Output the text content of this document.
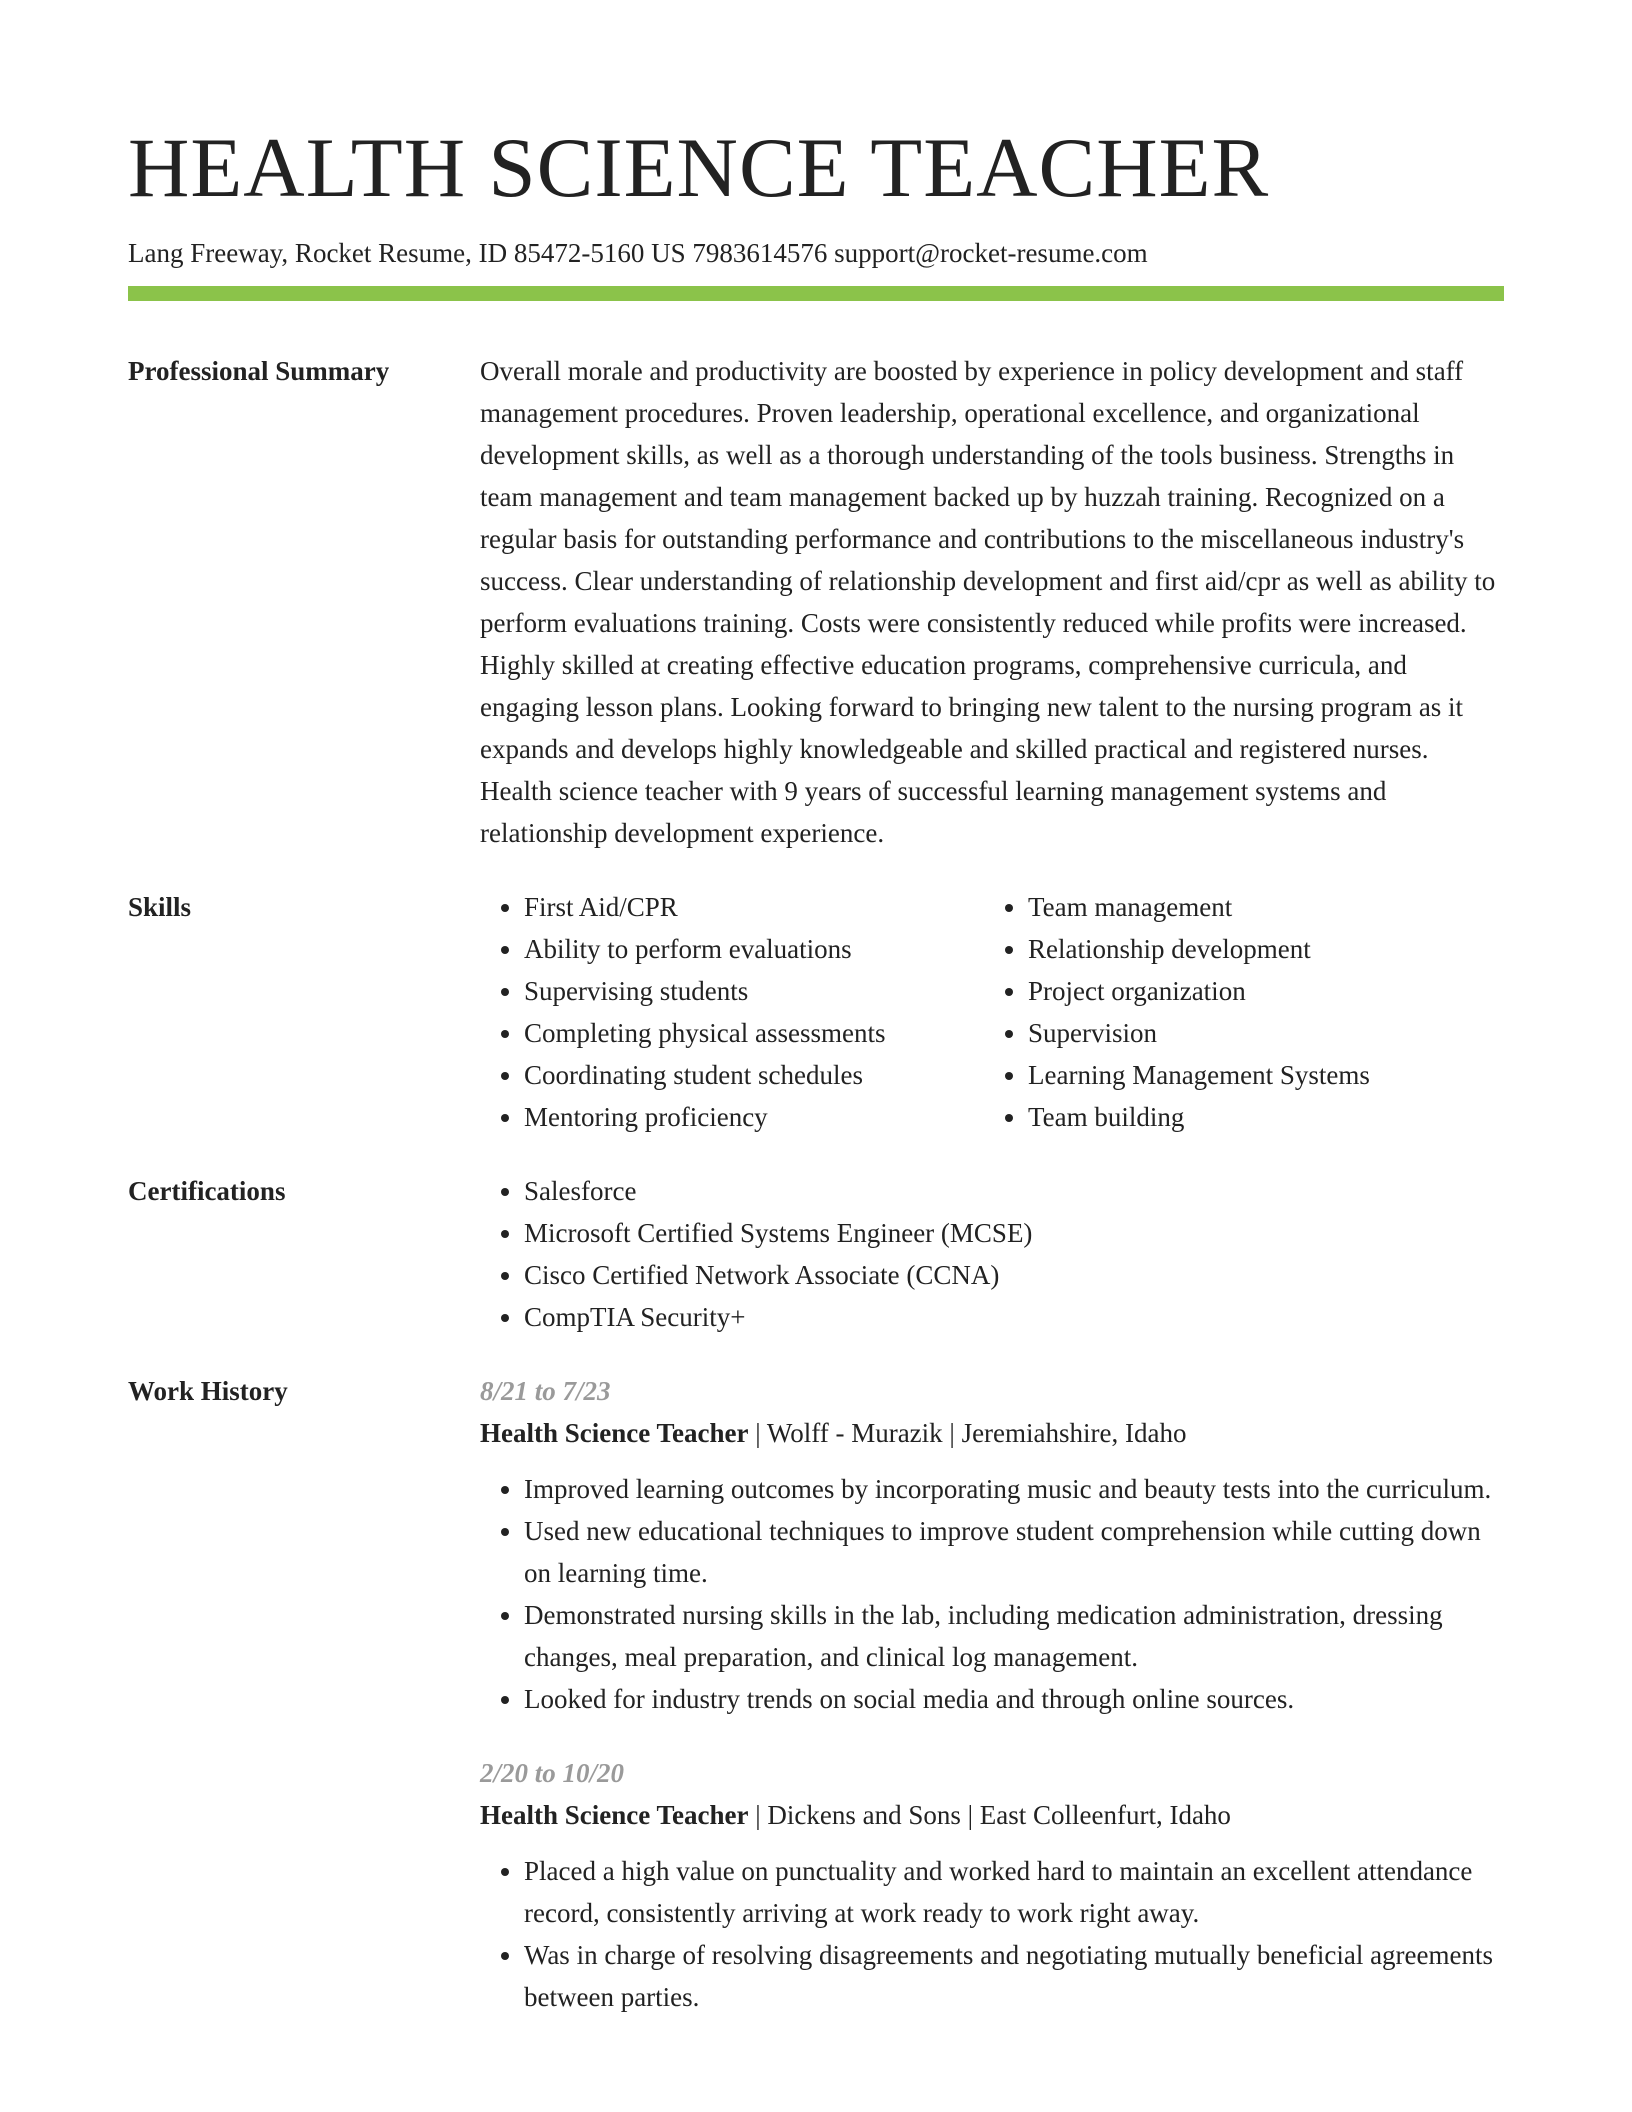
HEALTH SCIENCE TEACHER
Lang Freeway, Rocket Resume, ID 85472-5160 US 7983614576 support@rocket-resume.com
Professional Summary	Overall morale and productivity are boosted by experience in policy development and staff management procedures. Proven leadership, operational excellence, and organizational development skills, as well as a thorough understanding of the tools business. Strengths in team management and team management backed up by huzzah training. Recognized on a regular basis for outstanding performance and contributions to the miscellaneous industry's success. Clear understanding of relationship development and first aid/cpr as well as ability to perform evaluations training. Costs were consistently reduced while profits were increased. Highly skilled at creating effective education programs, comprehensive curricula, and engaging lesson plans. Looking forward to bringing new talent to the nursing program as it expands and develops highly knowledgeable and skilled practical and registered nurses. Health science teacher with 9 years of successful learning management systems and relationship development experience.

Skills	• First Aid/CPR
• Ability to perform evaluations
• Supervising students
• Completing physical assessments
• Coordinating student schedules
• Mentoring proficiency
• Team management
• Relationship development
• Project organization
• Supervision
• Learning Management Systems
• Team building
Certifications	• Salesforce
• Microsoft Certified Systems Engineer (MCSE)
• Cisco Certified Network Associate (CCNA)
• CompTIA Security+
Work History	8/21 to 7/23
Health Science Teacher | Wolff - Murazik | Jeremiahshire, Idaho
• Improved learning outcomes by incorporating music and beauty tests into the curriculum.
• Used new educational techniques to improve student comprehension while cutting down on learning time.
• Demonstrated nursing skills in the lab, including medication administration, dressing changes, meal preparation, and clinical log management.
• Looked for industry trends on social media and through online sources.
2/20 to 10/20
Health Science Teacher | Dickens and Sons | East Colleenfurt, Idaho
• Placed a high value on punctuality and worked hard to maintain an excellent attendance record, consistently arriving at work ready to work right away.
• Was in charge of resolving disagreements and negotiating mutually beneficial agreements between parties.
